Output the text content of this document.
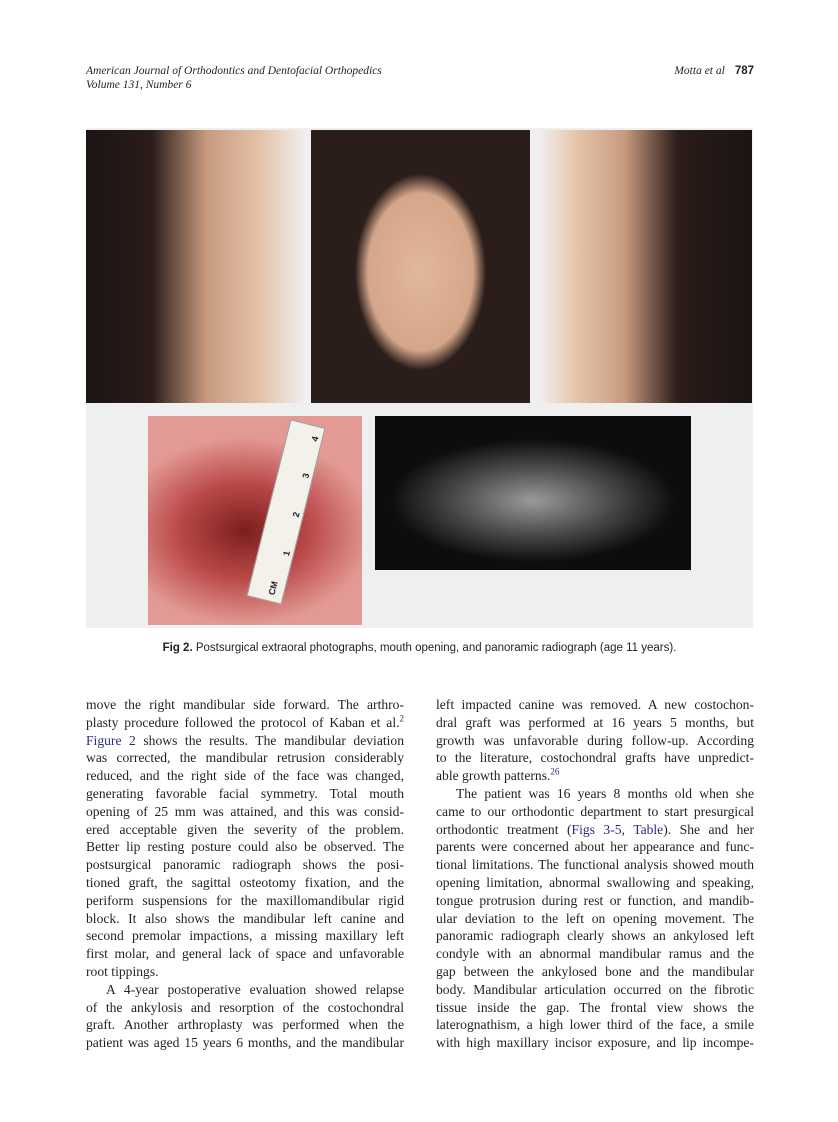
American Journal of Orthodontics and Dentofacial Orthopedics
Volume 131, Number 6
Motta et al 787
CM
1
2
3
4
Fig 2. Postsurgical extraoral photographs, mouth opening, and panoramic radiograph (age 11 years).
move the right mandibular side forward. The arthro-
plasty procedure followed the protocol of Kaban et al.$^2$
Figure 2 shows the results. The mandibular deviation
was corrected, the mandibular retrusion considerably
reduced, and the right side of the face was changed,
generating favorable facial symmetry. Total mouth
opening of 25 mm was attained, and this was consid-
ered acceptable given the severity of the problem.
Better lip resting posture could also be observed. The
postsurgical panoramic radiograph shows the posi-
tioned graft, the sagittal osteotomy fixation, and the
periform suspensions for the maxillomandibular rigid
block. It also shows the mandibular left canine and
second premolar impactions, a missing maxillary left
first molar, and general lack of space and unfavorable
root tippings.
A 4-year postoperative evaluation showed relapse
of the ankylosis and resorption of the costochondral
graft. Another arthroplasty was performed when the
patient was aged 15 years 6 months, and the mandibular
left impacted canine was removed. A new costochon-
dral graft was performed at 16 years 5 months, but
growth was unfavorable during follow-up. According
to the literature, costochondral grafts have unpredict-
able growth patterns.$^{26}$
The patient was 16 years 8 months old when she
came to our orthodontic department to start presurgical
orthodontic treatment (Figs 3-5, Table). She and her
parents were concerned about her appearance and func-
tional limitations. The functional analysis showed mouth
opening limitation, abnormal swallowing and speaking,
tongue protrusion during rest or function, and mandib-
ular deviation to the left on opening movement. The
panoramic radiograph clearly shows an ankylosed left
condyle with an abnormal mandibular ramus and the
gap between the ankylosed bone and the mandibular
body. Mandibular articulation occurred on the fibrotic
tissue inside the gap. The frontal view shows the
laterognathism, a high lower third of the face, a smile
with high maxillary incisor exposure, and lip incompe-
